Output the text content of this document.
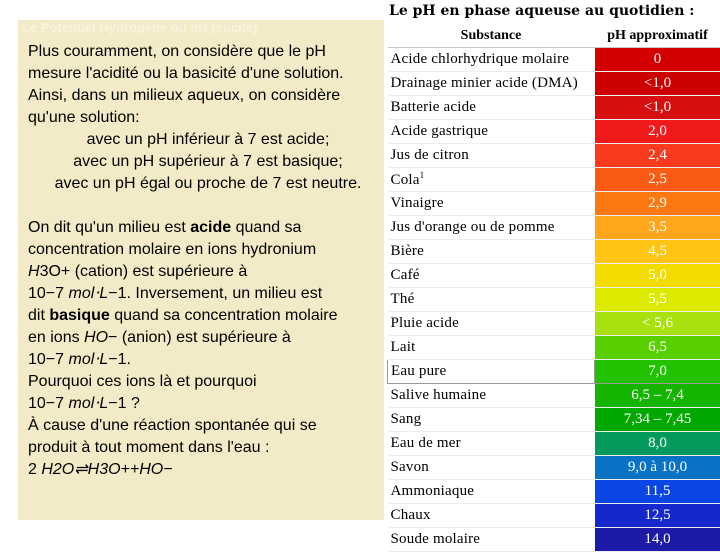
Le Potentiel Hydrogène ou pH (sucite)

Plus couramment, on considère que le pH

mesure l'acidité ou la basicité d'une solution.

Ainsi, dans un milieux aqueux, on considère

qu'une solution:

avec un pH inférieur à 7 est acide;

avec un pH supérieur à 7 est basique;

avec un pH égal ou proche de 7 est neutre.

On dit qu'un milieu est acide quand sa

concentration molaire en ions hydronium

H3O+ (cation) est supérieure à

10−7 mol⋅L−1. Inversement, un milieu est

dit basique quand sa concentration molaire

en ions HO− (anion) est supérieure à

10−7 mol⋅L−1.

Pourquoi ces ions là et pourquoi

10−7 mol⋅L−1 ?

À cause d'une réaction spontanée qui se

produit à tout moment dans l'eau :

2 H2O⇌H3O++HO−

Le pH en phase aqueuse au quotidien :
Substance	pH approximatif
Acide chlorhydrique molaire	0
Drainage minier acide (DMA)	<1,0
Batterie acide	<1,0
Acide gastrique	2,0
Jus de citron	2,4
Cola$^1$	2,5
Vinaigre	2,9
Jus d'orange ou de pomme	3,5
Bière	4,5
Café	5,0
Thé	5,5
Pluie acide	< 5,6
Lait	6,5
Eau pure	7,0
Salive humaine	6,5 – 7,4
Sang	7,34 – 7,45
Eau de mer	8,0
Savon	9,0 à 10,0
Ammoniaque	11,5
Chaux	12,5
Soude molaire	14,0
